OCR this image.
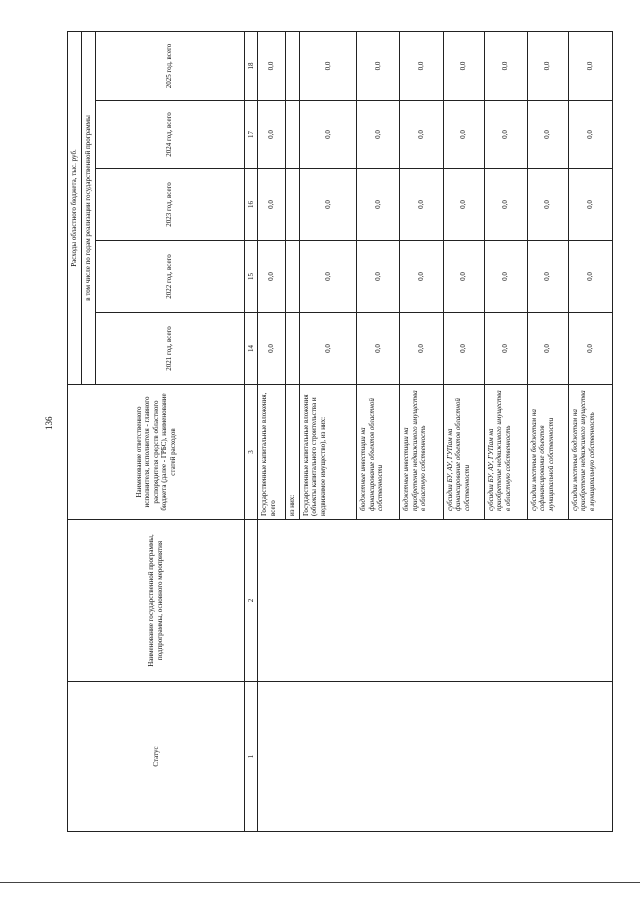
136
Статус	Наименование государственной программы, подпрограммы, основного мероприятия	Наименование ответственного исполнителя, исполнителя - главного распорядителя средств областного бюджета (далее - ГРБС), наименование статей расходов	Расходы областного бюджета, тыс. руб.				
			в том числе по годам реализации государственной программы				
			2021 год, всего	2022 год, всего	2023 год, всего	2024 год, всего	2025 год, всего
1	2	3	14	15	16	17	18
		Государственные капитальные вложения, всего	0,0	0,0	0,0	0,0	0,0
		из них:					
		Государственные капитальные вложения (объекты капитального строительства и недвижимое имущество), из них:	0,0	0,0	0,0	0,0	0,0
		бюджетные инвестиции на финансирование объектов областной собственности	0,0	0,0	0,0	0,0	0,0
		бюджетные инвестиции на приобретение недвижимого имущества в областную собственность	0,0	0,0	0,0	0,0	0,0
		субсидии БУ, АУ, ГУПам на финансирование объектов областной собственности	0,0	0,0	0,0	0,0	0,0
		субсидии БУ, АУ, ГУПам на приобретение недвижимого имущества в областную собственность	0,0	0,0	0,0	0,0	0,0
		субсидии местным бюджетам на софинансирование объектов муниципальной собственности	0,0	0,0	0,0	0,0	0,0
		субсидии местным бюджетам на приобретение недвижимого имущества в муниципальную собственность	0,0	0,0	0,0	0,0	0,0
